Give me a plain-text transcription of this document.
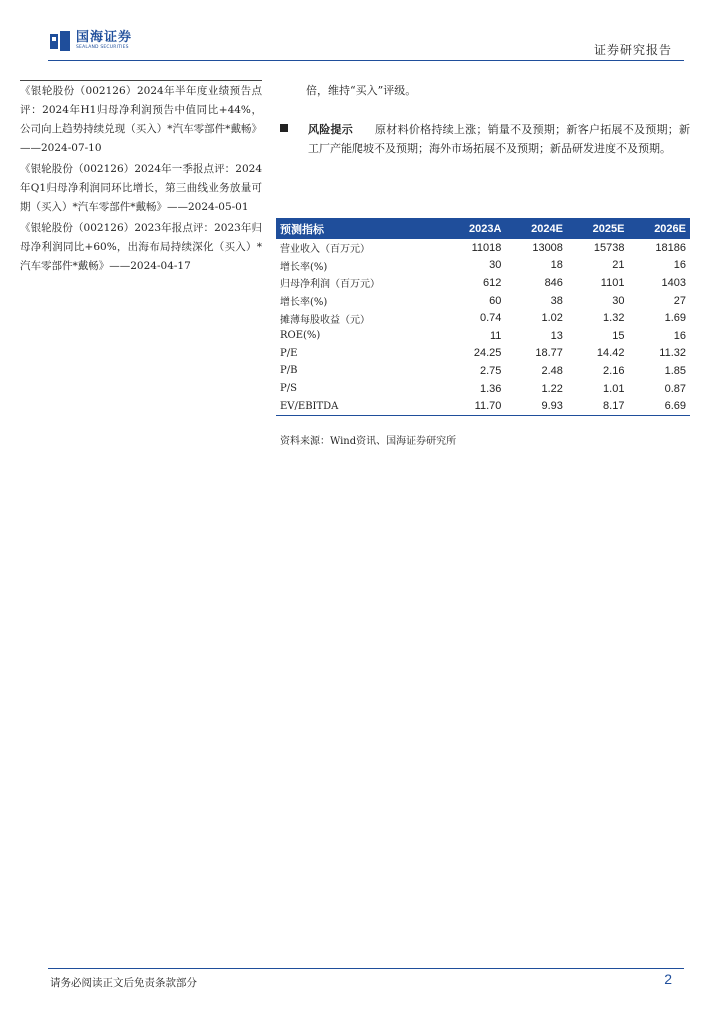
国海证券
SEALAND SECURITIES	证券研究报告

《银轮股份（002126）2024年半年度业绩预告点评：2024年H1归母净利润预告中值同比+44%，公司向上趋势持续兑现（买入）*汽车零部件*戴畅》——2024-07-10

《银轮股份（002126）2024年一季报点评：2024年Q1归母净利润同环比增长，第三曲线业务放量可期（买入）*汽车零部件*戴畅》——2024-05-01

《银轮股份（002126）2023年报点评：2023年归母净利润同比+60%，出海布局持续深化（买入）*汽车零部件*戴畅》——2024-04-17

倍，维持“买入”评级。
风险提示 原材料价格持续上涨；销量不及预期；新客户拓展不及预期；新工厂产能爬坡不及预期；海外市场拓展不及预期；新品研发进度不及预期。
预测指标	2023A	2024E	2025E	2026E
营业收入（百万元）	11018	13008	15738	18186
增长率(%)	30	18	21	16
归母净利润（百万元）	612	846	1101	1403
增长率(%)	60	38	30	27
摊薄每股收益（元）	0.74	1.02	1.32	1.69
ROE(%)	11	13	15	16
P/E	24.25	18.77	14.42	11.32
P/B	2.75	2.48	2.16	1.85
P/S	1.36	1.22	1.01	0.87
EV/EBITDA	11.70	9.93	8.17	6.69
资料来源：Wind资讯、国海证券研究所
请务必阅读正文后免责条款部分	2
